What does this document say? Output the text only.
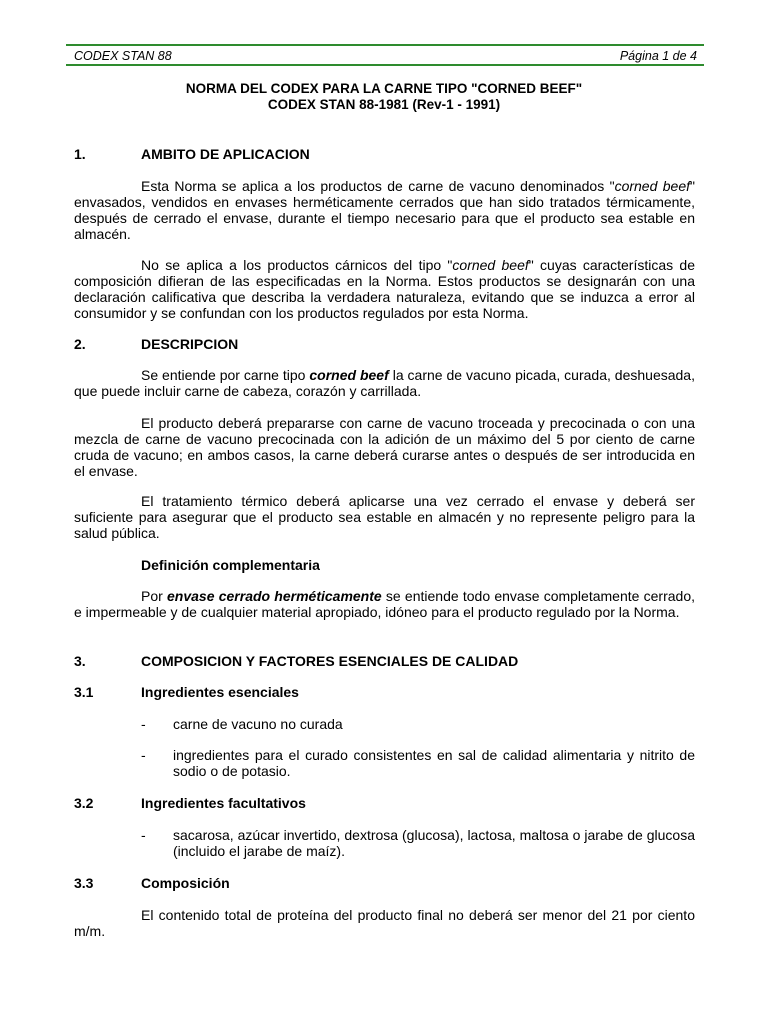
CODEX STAN 88	Página 1 de 4
NORMA DEL CODEX PARA LA CARNE TIPO "CORNED BEEF"
CODEX STAN 88-1981 (Rev-1 - 1991)
1.	AMBITO DE APLICACION
Esta Norma se aplica a los productos de carne de vacuno denominados "corned beef" envasados, vendidos en envases herméticamente cerrados que han sido tratados térmicamente, después de cerrado el envase, durante el tiempo necesario para que el producto sea estable en almacén.
No se aplica a los productos cárnicos del tipo "corned beef" cuyas características de composición difieran de las especificadas en la Norma. Estos productos se designarán con una declaración calificativa que describa la verdadera naturaleza, evitando que se induzca a error al consumidor y se confundan con los productos regulados por esta Norma.
2.	DESCRIPCION
Se entiende por carne tipo corned beef la carne de vacuno picada, curada, deshuesada, que puede incluir carne de cabeza, corazón y carrillada.
El producto deberá prepararse con carne de vacuno troceada y precocinada o con una mezcla de carne de vacuno precocinada con la adición de un máximo del 5 por ciento de carne cruda de vacuno; en ambos casos, la carne deberá curarse antes o después de ser introducida en el envase.
El tratamiento térmico deberá aplicarse una vez cerrado el envase y deberá ser suficiente para asegurar que el producto sea estable en almacén y no represente peligro para la salud pública.
Definición complementaria
Por envase cerrado herméticamente se entiende todo envase completamente cerrado, e impermeable y de cualquier material apropiado, idóneo para el producto regulado por la Norma.
3.	COMPOSICION Y FACTORES ESENCIALES DE CALIDAD
3.1	Ingredientes esenciales
- carne de vacuno no curada
- ingredientes para el curado consistentes en sal de calidad alimentaria y nitrito de sodio o de potasio.
3.2	Ingredientes facultativos
- sacarosa, azúcar invertido, dextrosa (glucosa), lactosa, maltosa o jarabe de glucosa (incluido el jarabe de maíz).
3.3	Composición
El contenido total de proteína del producto final no deberá ser menor del 21 por ciento m/m.
